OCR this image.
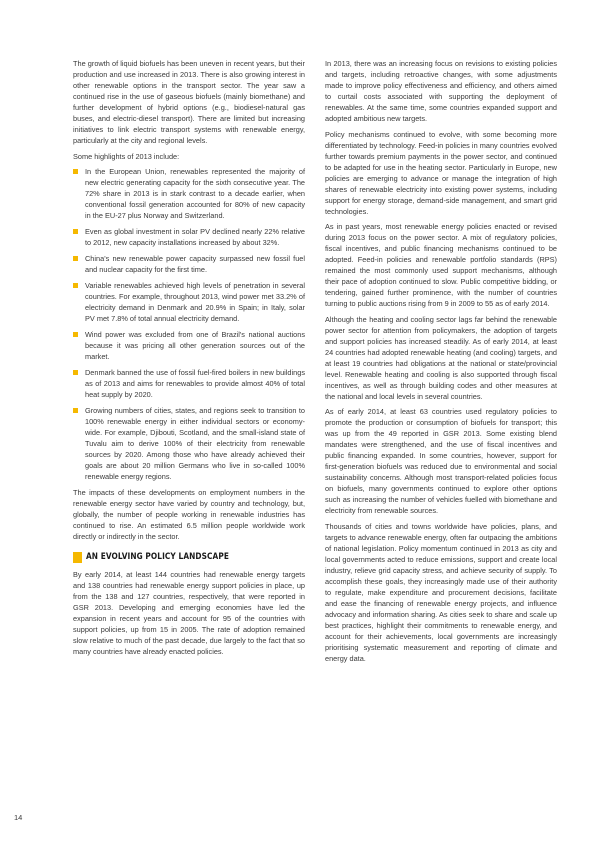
The growth of liquid biofuels has been uneven in recent years, but their production and use increased in 2013. There is also growing interest in other renewable options in the transport sector. The year saw a continued rise in the use of gaseous biofuels (mainly biomethane) and further development of hybrid options (e.g., biodiesel-natural gas buses, and electric-diesel transport). There are limited but increasing initiatives to link electric transport systems with renewable energy, particularly at the city and regional levels.

Some highlights of 2013 include:

In the European Union, renewables represented the majority of new electric generating capacity for the sixth consecutive year. The 72% share in 2013 is in stark contrast to a decade earlier, when conventional fossil generation accounted for 80% of new capacity in the EU-27 plus Norway and Switzerland.
Even as global investment in solar PV declined nearly 22% relative to 2012, new capacity installations increased by about 32%.
China's new renewable power capacity surpassed new fossil fuel and nuclear capacity for the first time.
Variable renewables achieved high levels of penetration in several countries. For example, throughout 2013, wind power met 33.2% of electricity demand in Denmark and 20.9% in Spain; in Italy, solar PV met 7.8% of total annual electricity demand.
Wind power was excluded from one of Brazil's national auctions because it was pricing all other generation sources out of the market.
Denmark banned the use of fossil fuel-fired boilers in new buildings as of 2013 and aims for renewables to provide almost 40% of total heat supply by 2020.
Growing numbers of cities, states, and regions seek to transition to 100% renewable energy in either individual sectors or economy-wide. For example, Djibouti, Scotland, and the small-island state of Tuvalu aim to derive 100% of their electricity from renewable sources by 2020. Among those who have already achieved their goals are about 20 million Germans who live in so-called 100% renewable energy regions.

The impacts of these developments on employment numbers in the renewable energy sector have varied by country and technology, but, globally, the number of people working in renewable industries has continued to rise. An estimated 6.5 million people worldwide work directly or indirectly in the sector.

AN EVOLVING POLICY LANDSCAPE

By early 2014, at least 144 countries had renewable energy targets and 138 countries had renewable energy support policies in place, up from the 138 and 127 countries, respectively, that were reported in GSR 2013. Developing and emerging economies have led the expansion in recent years and account for 95 of the countries with support policies, up from 15 in 2005. The rate of adoption remained slow relative to much of the past decade, due largely to the fact that so many countries have already enacted policies.

In 2013, there was an increasing focus on revisions to existing policies and targets, including retroactive changes, with some adjustments made to improve policy effectiveness and efficiency, and others aimed to curtail costs associated with supporting the deployment of renewables. At the same time, some countries expanded support and adopted ambitious new targets.

Policy mechanisms continued to evolve, with some becoming more differentiated by technology. Feed-in policies in many countries evolved further towards premium payments in the power sector, and continued to be adapted for use in the heating sector. Particularly in Europe, new policies are emerging to advance or manage the integration of high shares of renewable electricity into existing power systems, including support for energy storage, demand-side management, and smart grid technologies.

As in past years, most renewable energy policies enacted or revised during 2013 focus on the power sector. A mix of regulatory policies, fiscal incentives, and public financing mechanisms continued to be adopted. Feed-in policies and renewable portfolio standards (RPS) remained the most commonly used support mechanisms, although their pace of adoption continued to slow. Public competitive bidding, or tendering, gained further prominence, with the number of countries turning to public auctions rising from 9 in 2009 to 55 as of early 2014.

Although the heating and cooling sector lags far behind the renewable power sector for attention from policymakers, the adoption of targets and support policies has increased steadily. As of early 2014, at least 24 countries had adopted renewable heating (and cooling) targets, and at least 19 countries had obligations at the national or state/provincial level. Renewable heating and cooling is also supported through fiscal incentives, as well as through building codes and other measures at the national and local levels in several countries.

As of early 2014, at least 63 countries used regulatory policies to promote the production or consumption of biofuels for transport; this was up from the 49 reported in GSR 2013. Some existing blend mandates were strengthened, and the use of fiscal incentives and public financing expanded. In some countries, however, support for first-generation biofuels was reduced due to environmental and social sustainability concerns. Although most transport-related policies focus on biofuels, many governments continued to explore other options such as increasing the number of vehicles fuelled with biomethane and electricity from renewable sources.

Thousands of cities and towns worldwide have policies, plans, and targets to advance renewable energy, often far outpacing the ambitions of national legislation. Policy momentum continued in 2013 as city and local governments acted to reduce emissions, support and create local industry, relieve grid capacity stress, and achieve security of supply. To accomplish these goals, they increasingly made use of their authority to regulate, make expenditure and procurement decisions, facilitate and ease the financing of renewable energy projects, and influence advocacy and information sharing. As cities seek to share and scale up best practices, highlight their commitments to renewable energy, and account for their achievements, local governments are increasingly prioritising systematic measurement and reporting of climate and energy data.

14
